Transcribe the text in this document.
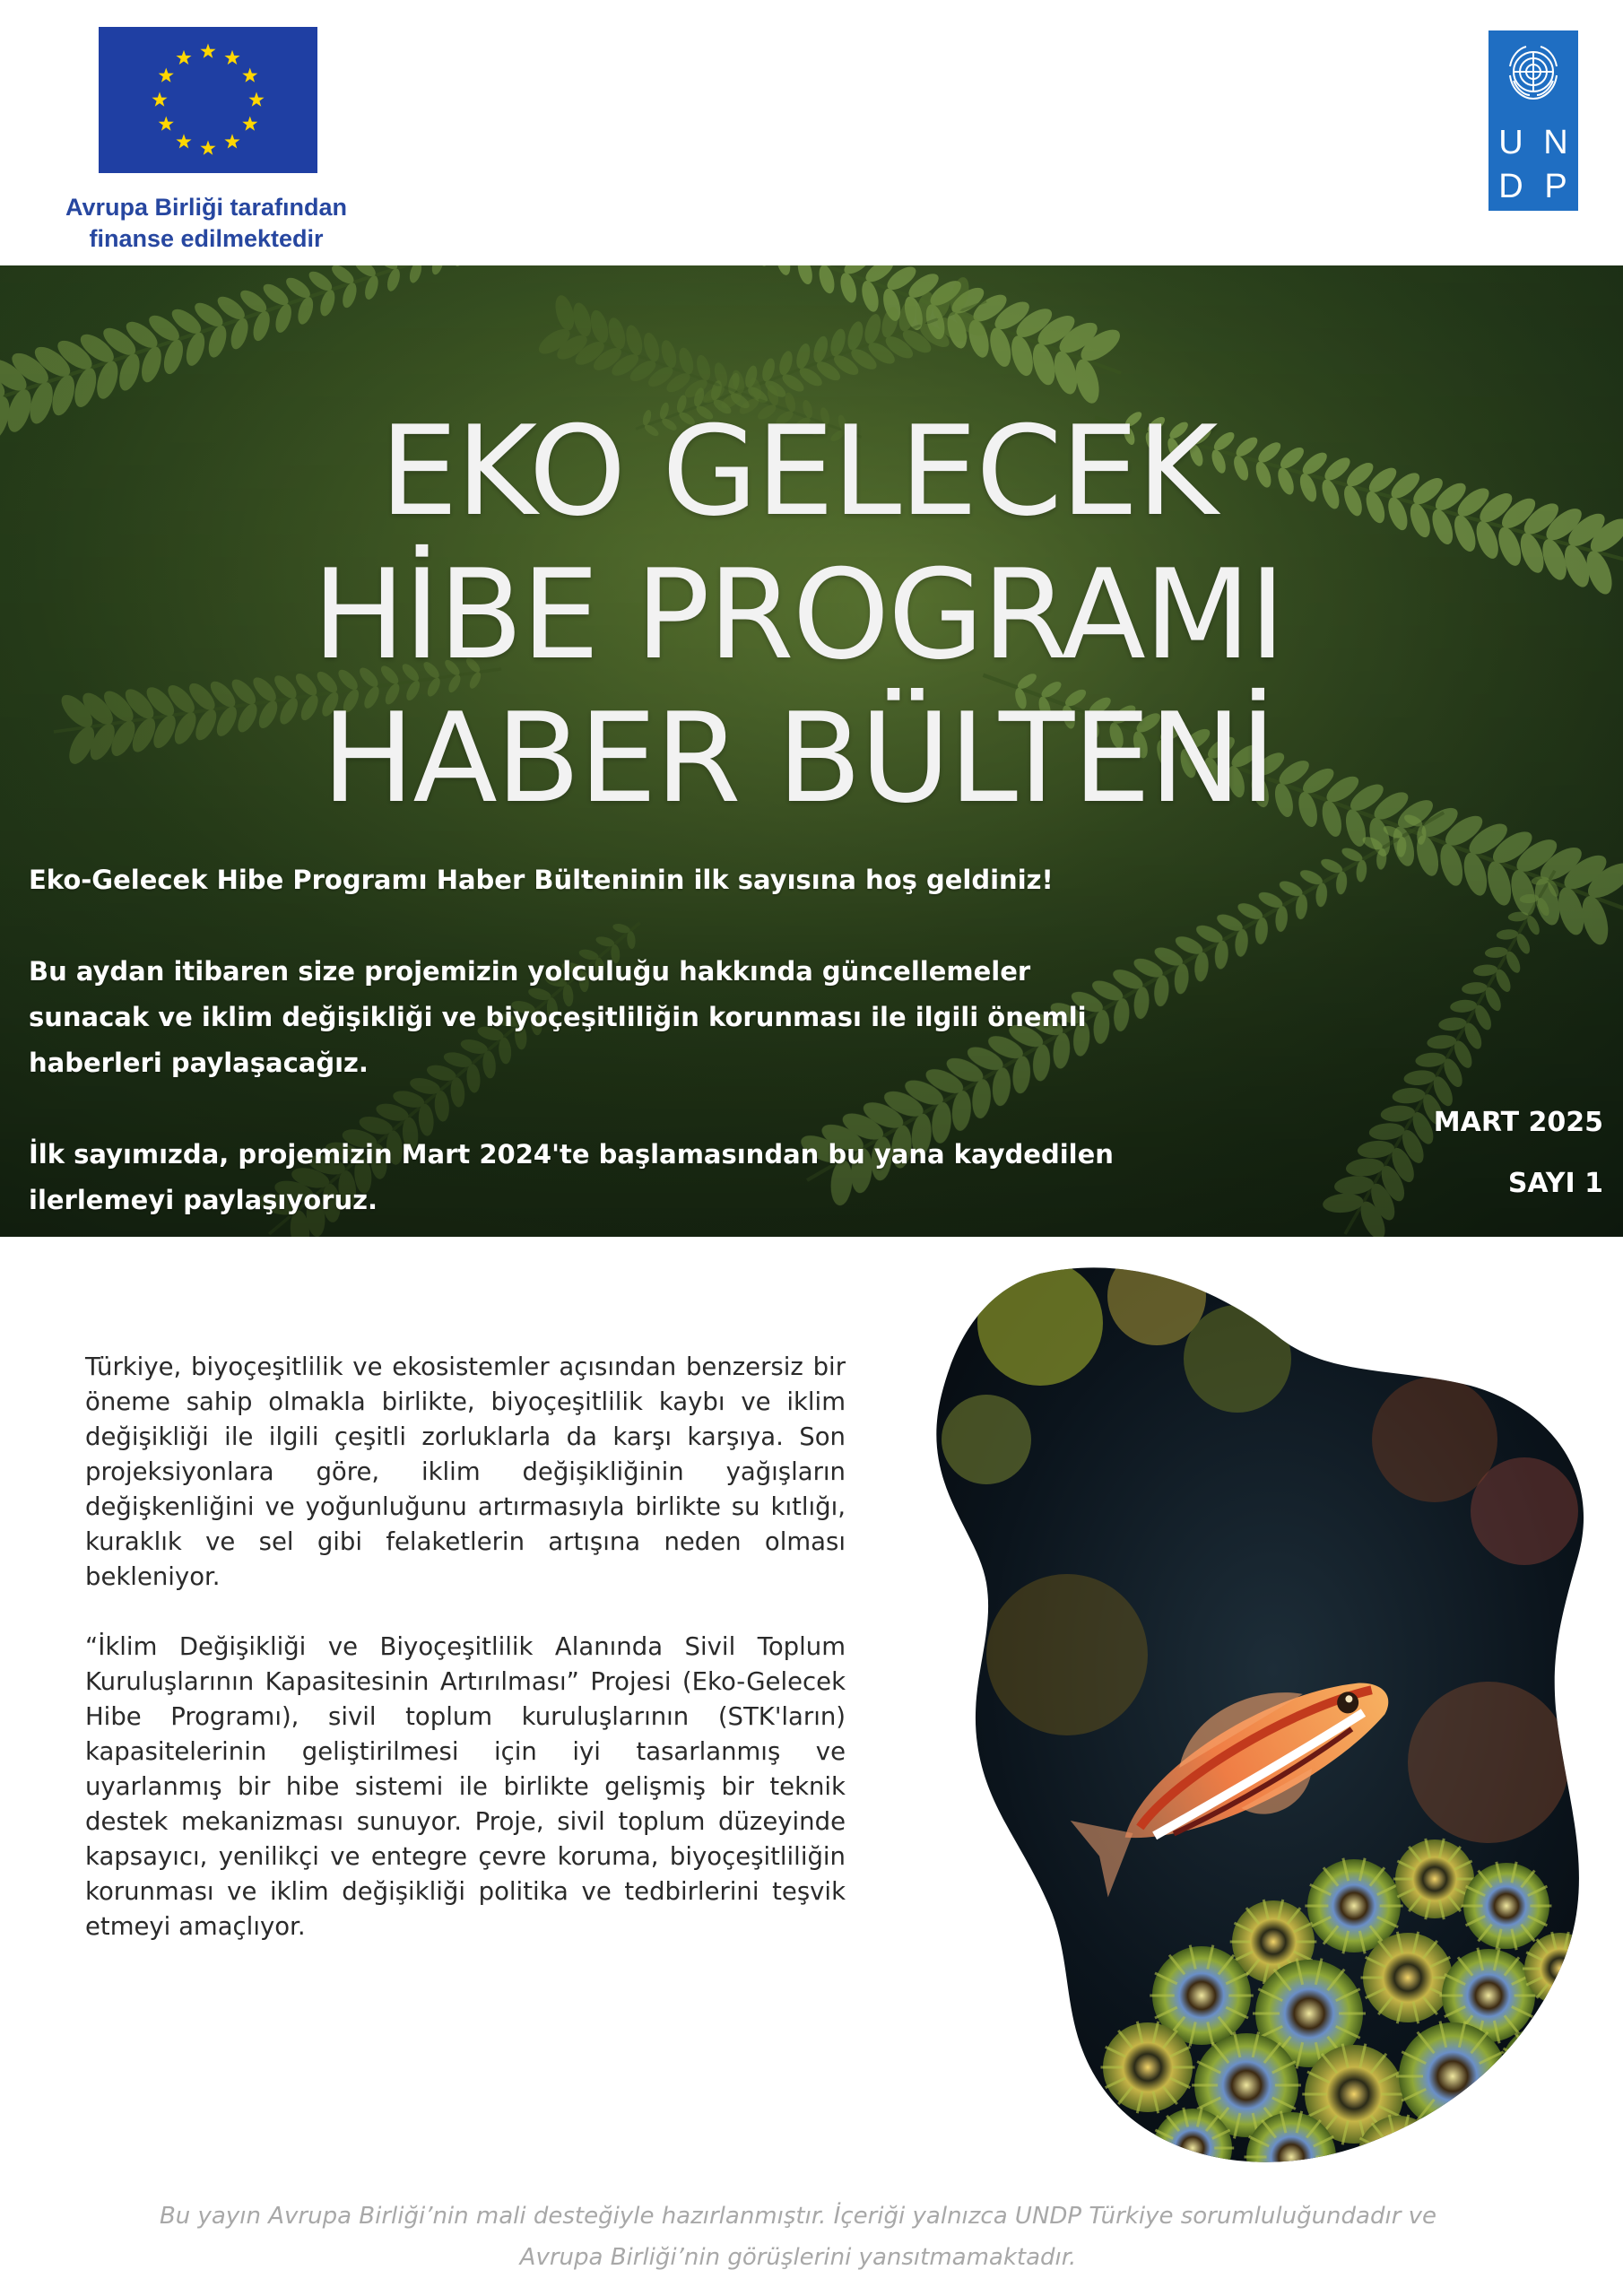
Avrupa Birliği tarafından
finanse edilmektedir
U N
D P
EKO GELECEK
HİBE PROGRAMI
HABER BÜLTENİ

Eko-Gelecek Hibe Programı Haber Bülteninin ilk sayısına hoş geldiniz!

Bu aydan itibaren size projemizin yolculuğu hakkında güncellemeler sunacak ve iklim değişikliği ve biyoçeşitliliğin korunması ile ilgili önemli haberleri paylaşacağız.

İlk sayımızda, projemizin Mart 2024'te başlamasından bu yana kaydedilen ilerlemeyi paylaşıyoruz.

MART 2025
SAYI 1

Türkiye, biyoçeşitlilik ve ekosistemler açısından benzersiz bir öneme sahip olmakla birlikte, biyoçeşitlilik kaybı ve iklim değişikliği ile ilgili çeşitli zorluklarla da karşı karşıya. Son projeksiyonlara göre, iklim değişikliğinin yağışların değişkenliğini ve yoğunluğunu artırmasıyla birlikte su kıtlığı, kuraklık ve sel gibi felaketlerin artışına neden olması bekleniyor.

“İklim Değişikliği ve Biyoçeşitlilik Alanında Sivil Toplum Kuruluşlarının Kapasitesinin Artırılması” Projesi (Eko-Gelecek Hibe Programı), sivil toplum kuruluşlarının (STK'ların) kapasitelerinin geliştirilmesi için iyi tasarlanmış ve uyarlanmış bir hibe sistemi ile birlikte gelişmiş bir teknik destek mekanizması sunuyor. Proje, sivil toplum düzeyinde kapsayıcı, yenilikçi ve entegre çevre koruma, biyoçeşitliliğin korunması ve iklim değişikliği politika ve tedbirlerini teşvik etmeyi amaçlıyor.

Bu yayın Avrupa Birliği’nin mali desteğiyle hazırlanmıştır. İçeriği yalnızca UNDP Türkiye sorumluluğundadır ve
Avrupa Birliği’nin görüşlerini yansıtmamaktadır.
